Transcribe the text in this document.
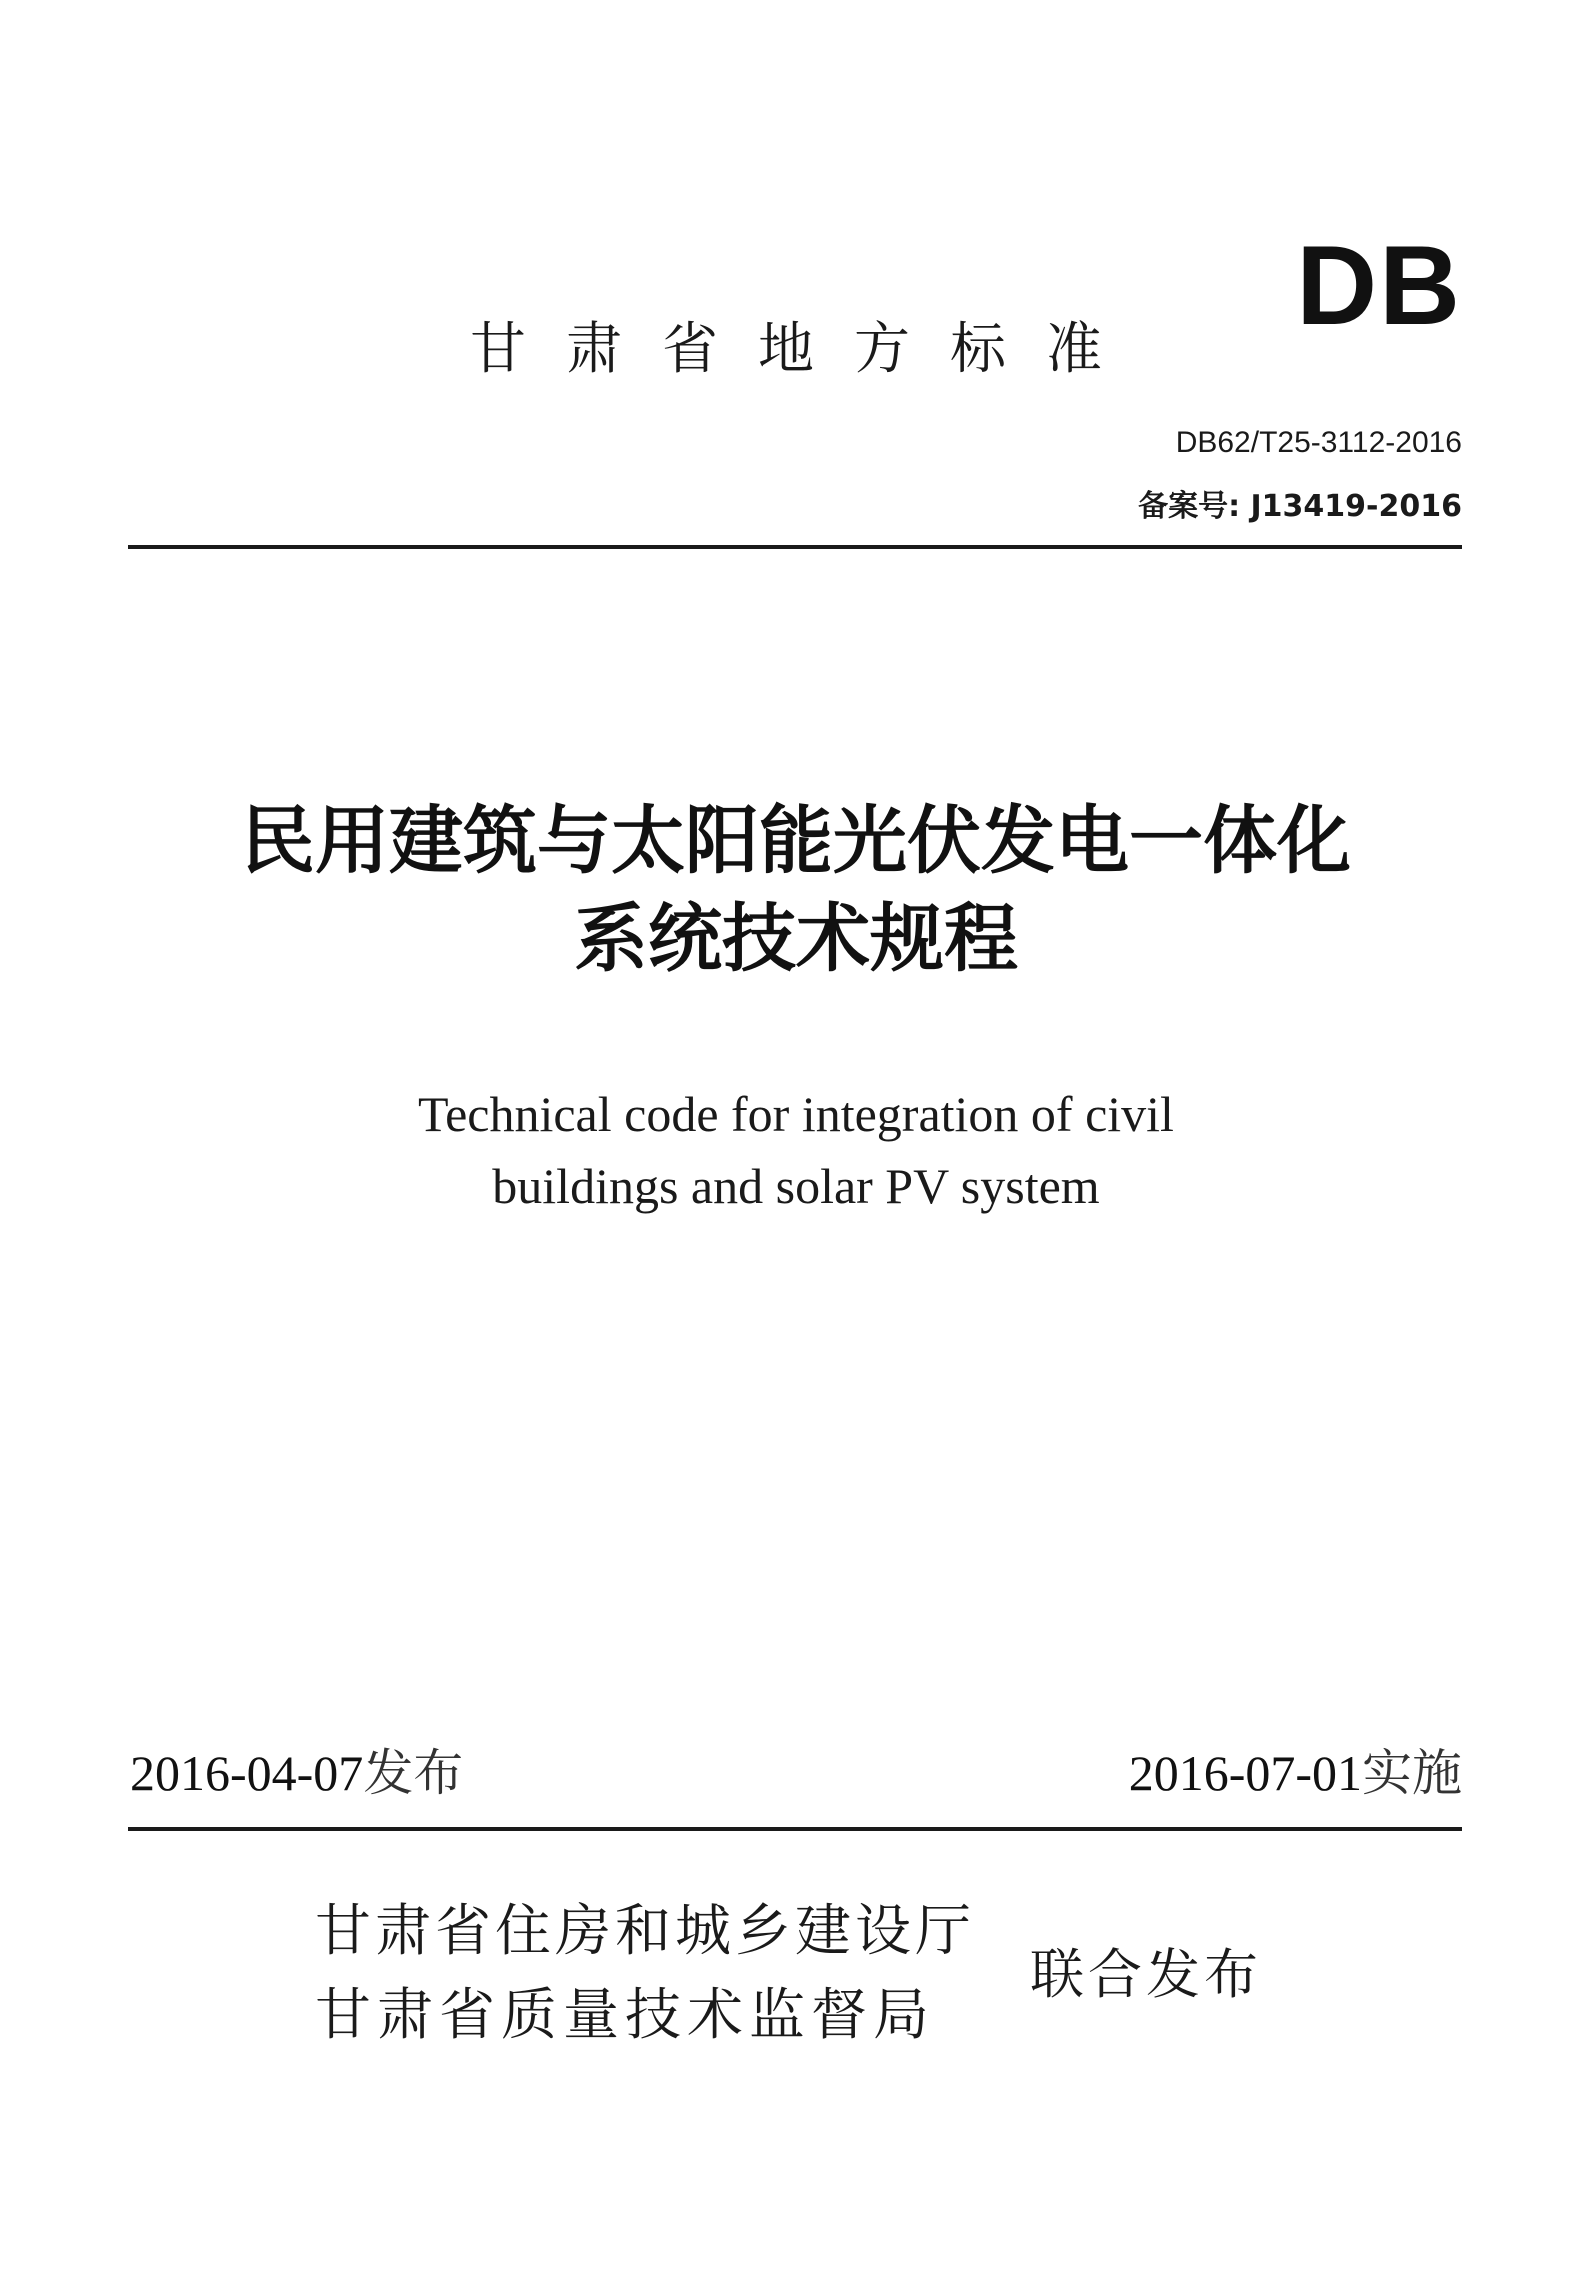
DB
甘肃省地方标准
DB62/T25-3112-2016
备案号: J13419-2016
民用建筑与太阳能光伏发电一体化
系统技术规程
Technical code for integration of civil
buildings and solar PV system
2016-04-07发布	2016-07-01实施
甘肃省住房和城乡建设厅
甘肃省质量技术监督局
联合发布
